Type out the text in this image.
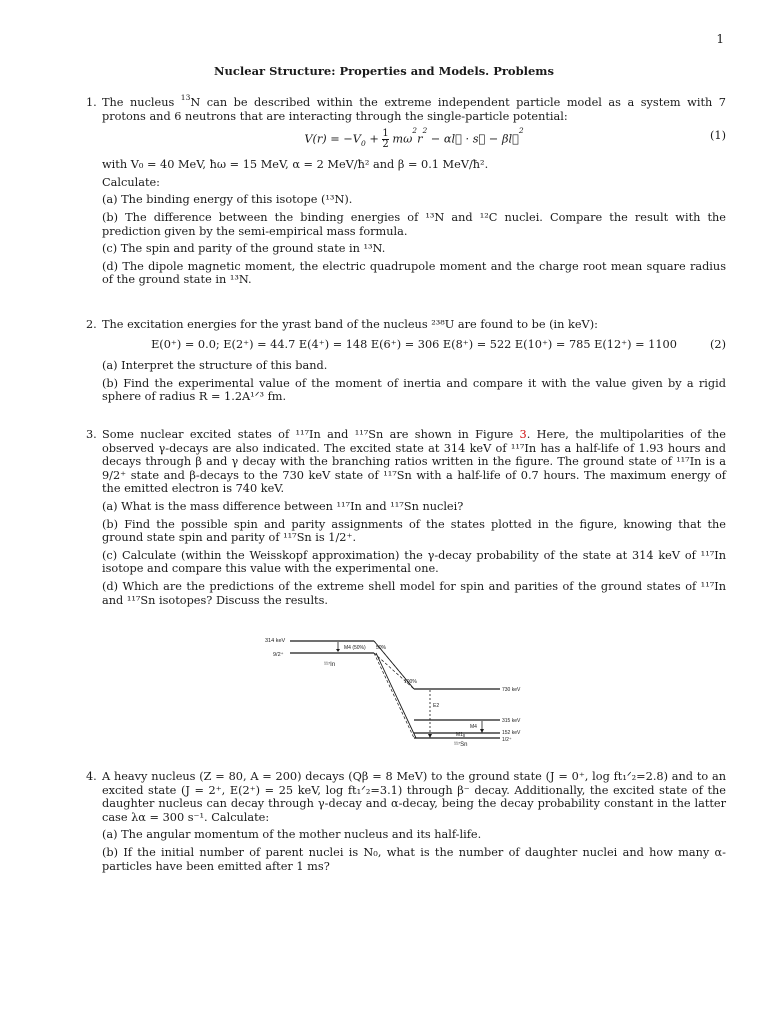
1
Nuclear Structure: Properties and Models. Problems

1. The nucleus $^{13}$N can be described within the extreme independent particle model as a system with 7 protons and 6 neutrons that are interacting through the single-particle potential:

$V(r) = -V_0 + \frac{1}{2} m\omega^2r^2$ − αl⃗ · s⃗ − βl⃗$^2$	(1)

with V₀ = 40 MeV, ħω = 15 MeV, α = 2 MeV/ħ² and β = 0.1 MeV/ħ².

Calculate:

(a) The binding energy of this isotope (¹³N).

(b) The difference between the binding energies of ¹³N and ¹²C nuclei. Compare the result with the prediction given by the semi-empirical mass formula.

(c) The spin and parity of the ground state in ¹³N.

(d) The dipole magnetic moment, the electric quadrupole moment and the charge root mean square radius of the ground state in ¹³N.

2. The excitation energies for the yrast band of the nucleus ²³⁸U are found to be (in keV):

E(0⁺) = 0.0; E(2⁺) = 44.7 E(4⁺) = 148 E(6⁺) = 306 E(8⁺) = 522 E(10⁺) = 785 E(12⁺) = 1100	(2)

(a) Interpret the structure of this band.

(b) Find the experimental value of the moment of inertia and compare it with the value given by a rigid sphere of radius R = 1.2A¹ᐟ³ fm.

3. Some nuclear excited states of ¹¹⁷In and ¹¹⁷Sn are shown in Figure 3. Here, the multipolarities of the observed γ-decays are also indicated. The excited state at 314 keV of ¹¹⁷In has a half-life of 1.93 hours and decays through β and γ decay with the branching ratios written in the figure. The ground state of ¹¹⁷In is a 9/2⁺ state and β-decays to the 730 keV state of ¹¹⁷Sn with a half-life of 0.7 hours. The maximum energy of the emitted electron is 740 keV.

(a) What is the mass difference between ¹¹⁷In and ¹¹⁷Sn nuclei?

(b) Find the possible spin and parity assignments of the states plotted in the figure, knowing that the ground state spin and parity of ¹¹⁷Sn is 1/2⁺.

(c) Calculate (within the Weisskopf approximation) the γ-decay probability of the state at 314 keV of ¹¹⁷In isotope and compare this value with the experimental one.

(d) Which are the predictions of the extreme shell model for spin and parities of the ground states of ¹¹⁷In and ¹¹⁷Sn isotopes? Discuss the results.

314 keV
9/2⁺
¹¹⁷In
M4 (50%) 50%
100%
730 keV
315 keV
152 keV
1/2⁺
¹¹⁷Sn
E2
M4
M1

4. A heavy nucleus (Z = 80, A = 200) decays (Qβ = 8 MeV) to the ground state (J = 0⁺, log ft₁ᐟ₂=2.8) and to an excited state (J = 2⁺, E(2⁺) = 25 keV, log ft₁ᐟ₂=3.1) through β⁻ decay. Additionally, the excited state of the daughter nucleus can decay through γ-decay and α-decay, being the decay probability constant in the latter case λα = 300 s⁻¹. Calculate:

(a) The angular momentum of the mother nucleus and its half-life.

(b) If the initial number of parent nuclei is N₀, what is the number of daughter nuclei and how many α-particles have been emitted after 1 ms?
